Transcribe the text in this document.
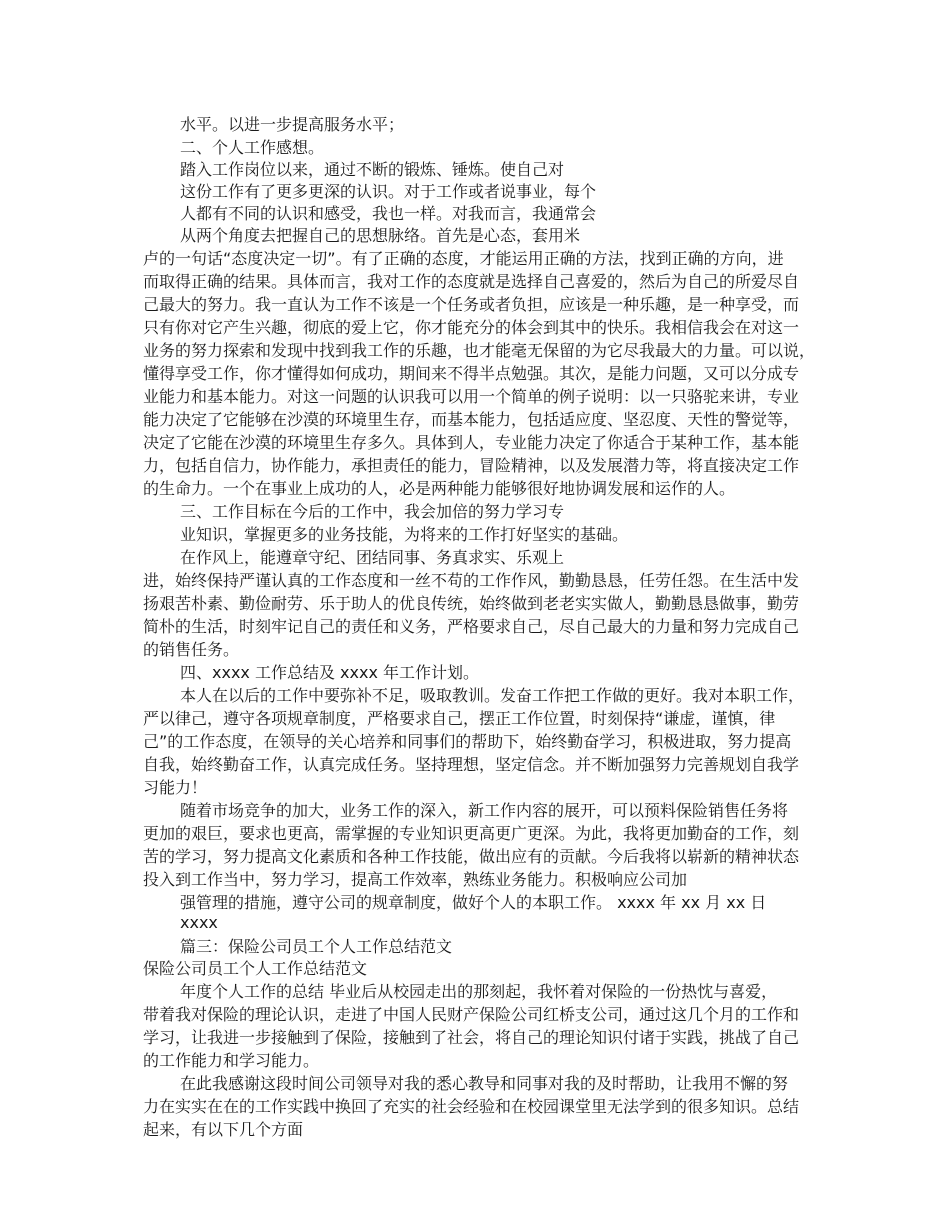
水平。以进一步提高服务水平；
二、个人工作感想。
踏入工作岗位以来，通过不断的锻炼、锤炼。使自己对
这份工作有了更多更深的认识。对于工作或者说事业，每个
人都有不同的认识和感受，我也一样。对我而言，我通常会
从两个角度去把握自己的思想脉络。首先是心态，套用米
卢的一句话“态度决定一切”。有了正确的态度，才能运用正确的方法，找到正确的方向，进
而取得正确的结果。具体而言，我对工作的态度就是选择自己喜爱的，然后为自己的所爱尽自
己最大的努力。我一直认为工作不该是一个任务或者负担，应该是一种乐趣，是一种享受，而
只有你对它产生兴趣，彻底的爱上它，你才能充分的体会到其中的快乐。我相信我会在对这一
业务的努力探索和发现中找到我工作的乐趣，也才能毫无保留的为它尽我最大的力量。可以说，
懂得享受工作，你才懂得如何成功，期间来不得半点勉强。其次，是能力问题，又可以分成专
业能力和基本能力。对这一问题的认识我可以用一个简单的例子说明：以一只骆驼来讲，专业
能力决定了它能够在沙漠的环境里生存，而基本能力，包括适应度、坚忍度、天性的警觉等，
决定了它能在沙漠的环境里生存多久。具体到人，专业能力决定了你适合于某种工作，基本能
力，包括自信力，协作能力，承担责任的能力，冒险精神，以及发展潜力等，将直接决定工作
的生命力。一个在事业上成功的人，必是两种能力能够很好地协调发展和运作的人。
三、工作目标在今后的工作中，我会加倍的努力学习专
业知识，掌握更多的业务技能，为将来的工作打好坚实的基础。
在作风上，能遵章守纪、团结同事、务真求实、乐观上
进，始终保持严谨认真的工作态度和一丝不苟的工作作风，勤勤恳恳，任劳任怨。在生活中发
扬艰苦朴素、勤俭耐劳、乐于助人的优良传统，始终做到老老实实做人，勤勤恳恳做事，勤劳
简朴的生活，时刻牢记自己的责任和义务，严格要求自己，尽自己最大的力量和努力完成自己
的销售任务。
四、xxxx 工作总结及 xxxx 年工作计划。
本人在以后的工作中要弥补不足，吸取教训。发奋工作把工作做的更好。我对本职工作，
严以律己，遵守各项规章制度，严格要求自己，摆正工作位置，时刻保持“谦虚，谨慎，律
己”的工作态度，在领导的关心培养和同事们的帮助下，始终勤奋学习，积极进取，努力提高
自我，始终勤奋工作，认真完成任务。坚持理想，坚定信念。并不断加强努力完善规划自我学
习能力！
随着市场竞争的加大，业务工作的深入，新工作内容的展开，可以预料保险销售任务将
更加的艰巨，要求也更高，需掌握的专业知识更高更广更深。为此，我将更加勤奋的工作，刻
苦的学习，努力提高文化素质和各种工作技能，做出应有的贡献。今后我将以崭新的精神状态
投入到工作当中，努力学习，提高工作效率，熟练业务能力。积极响应公司加
强管理的措施，遵守公司的规章制度，做好个人的本职工作。 xxxx 年 xx 月 xx 日
xxxx
篇三：保险公司员工个人工作总结范文
保险公司员工个人工作总结范文
年度个人工作的总结 毕业后从校园走出的那刻起，我怀着对保险的一份热忱与喜爱，
带着我对保险的理论认识，走进了中国人民财产保险公司红桥支公司，通过这几个月的工作和
学习，让我进一步接触到了保险，接触到了社会，将自己的理论知识付诸于实践，挑战了自己
的工作能力和学习能力。
在此我感谢这段时间公司领导对我的悉心教导和同事对我的及时帮助，让我用不懈的努
力在实实在在的工作实践中换回了充实的社会经验和在校园课堂里无法学到的很多知识。总结
起来，有以下几个方面
